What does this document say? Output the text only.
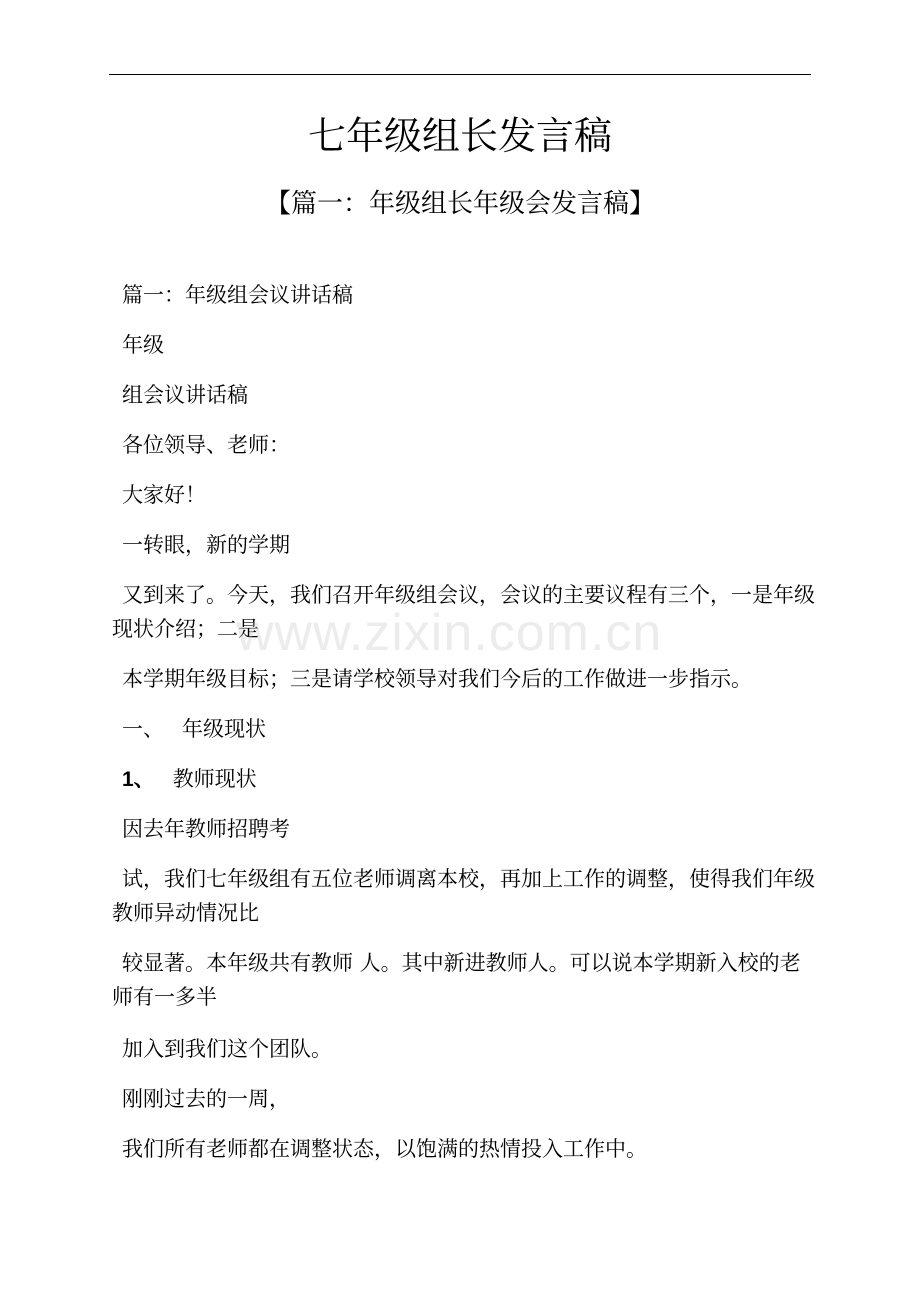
七年级组长发言稿
【篇一：年级组长年级会发言稿】
篇一：年级组会议讲话稿
年级
组会议讲话稿
各位领导、老师：
大家好！
一转眼，新的学期
又到来了。今天，我们召开年级组会议，会议的主要议程有三个，一是年级现状介绍；二是
本学期年级目标；三是请学校领导对我们今后的工作做进一步指示。
一、 年级现状
1、 教师现状
因去年教师招聘考
试，我们七年级组有五位老师调离本校，再加上工作的调整，使得我们年级教师异动情况比
较显著。本年级共有教师 人。其中新进教师人。可以说本学期新入校的老师有一多半
加入到我们这个团队。
刚刚过去的一周，
我们所有老师都在调整状态，以饱满的热情投入工作中。
www.zixin.com.cn
